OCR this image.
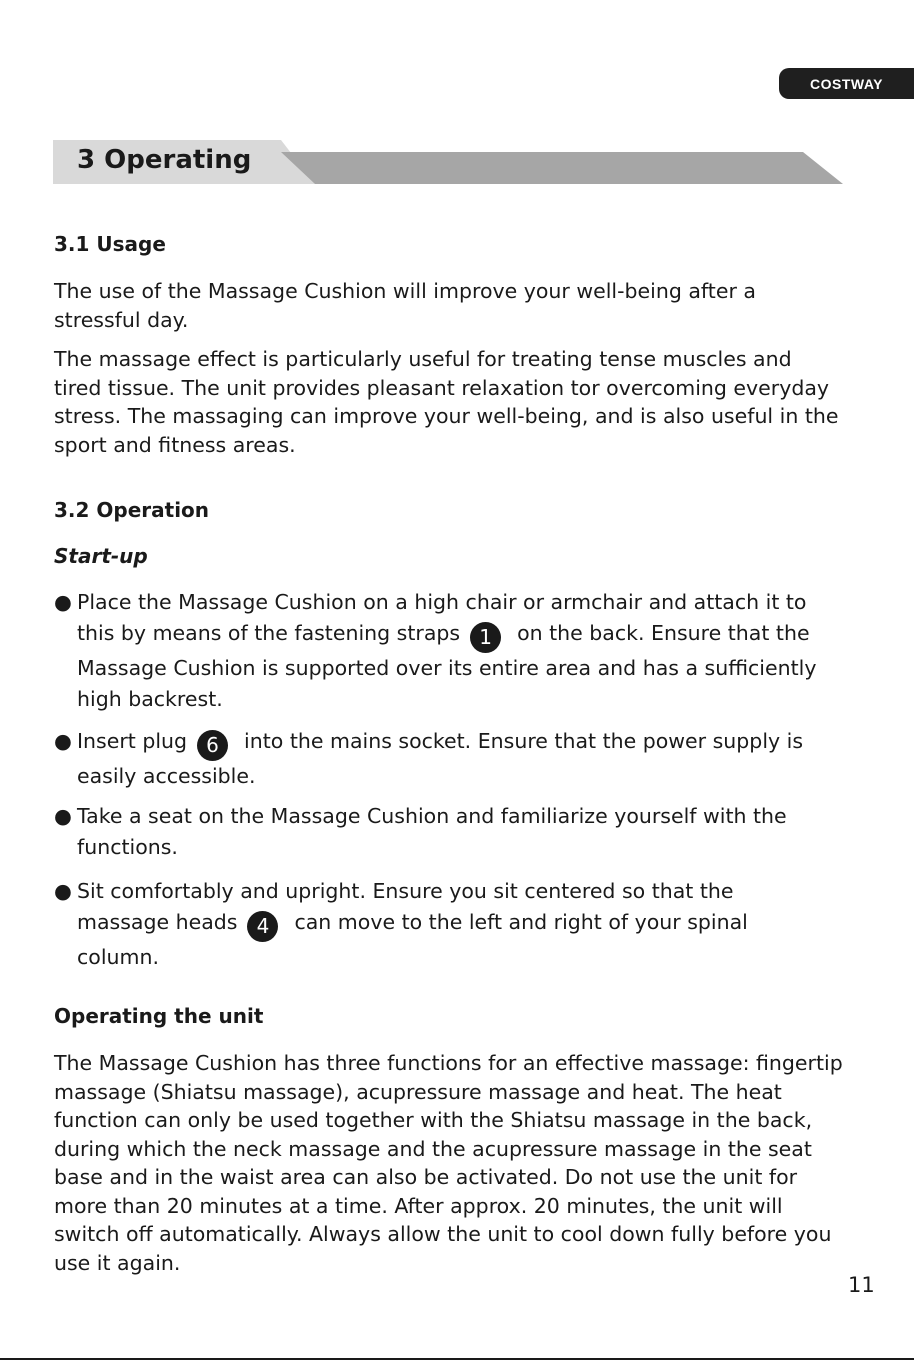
COSTWAY
3 Operating
3.1 Usage

The use of the Massage Cushion will improve your well-being after a stressful day.

The massage effect is particularly useful for treating tense muscles and tired tissue. The unit provides pleasant relaxation tor overcoming everyday stress. The massaging can improve your well-being, and is also useful in the sport and fitness areas.

3.2 Operation
Start-up
● Place the Massage Cushion on a high chair or armchair and attach it to this by means of the fastening straps 1 on the back. Ensure that the Massage Cushion is supported over its entire area and has a sufficiently high backrest.
● Insert plug 6 into the mains socket. Ensure that the power supply is easily accessible.
● Take a seat on the Massage Cushion and familiarize yourself with the functions.
● Sit comfortably and upright. Ensure you sit centered so that the massage heads 4 can move to the left and right of your spinal column.
Operating the unit

The Massage Cushion has three functions for an effective massage: fingertip massage (Shiatsu massage), acupressure massage and heat. The heat function can only be used together with the Shiatsu massage in the back, during which the neck massage and the acupressure massage in the seat base and in the waist area can also be activated. Do not use the unit for more than 20 minutes at a time. After approx. 20 minutes, the unit will switch off automatically. Always allow the unit to cool down fully before you use it again.

11
